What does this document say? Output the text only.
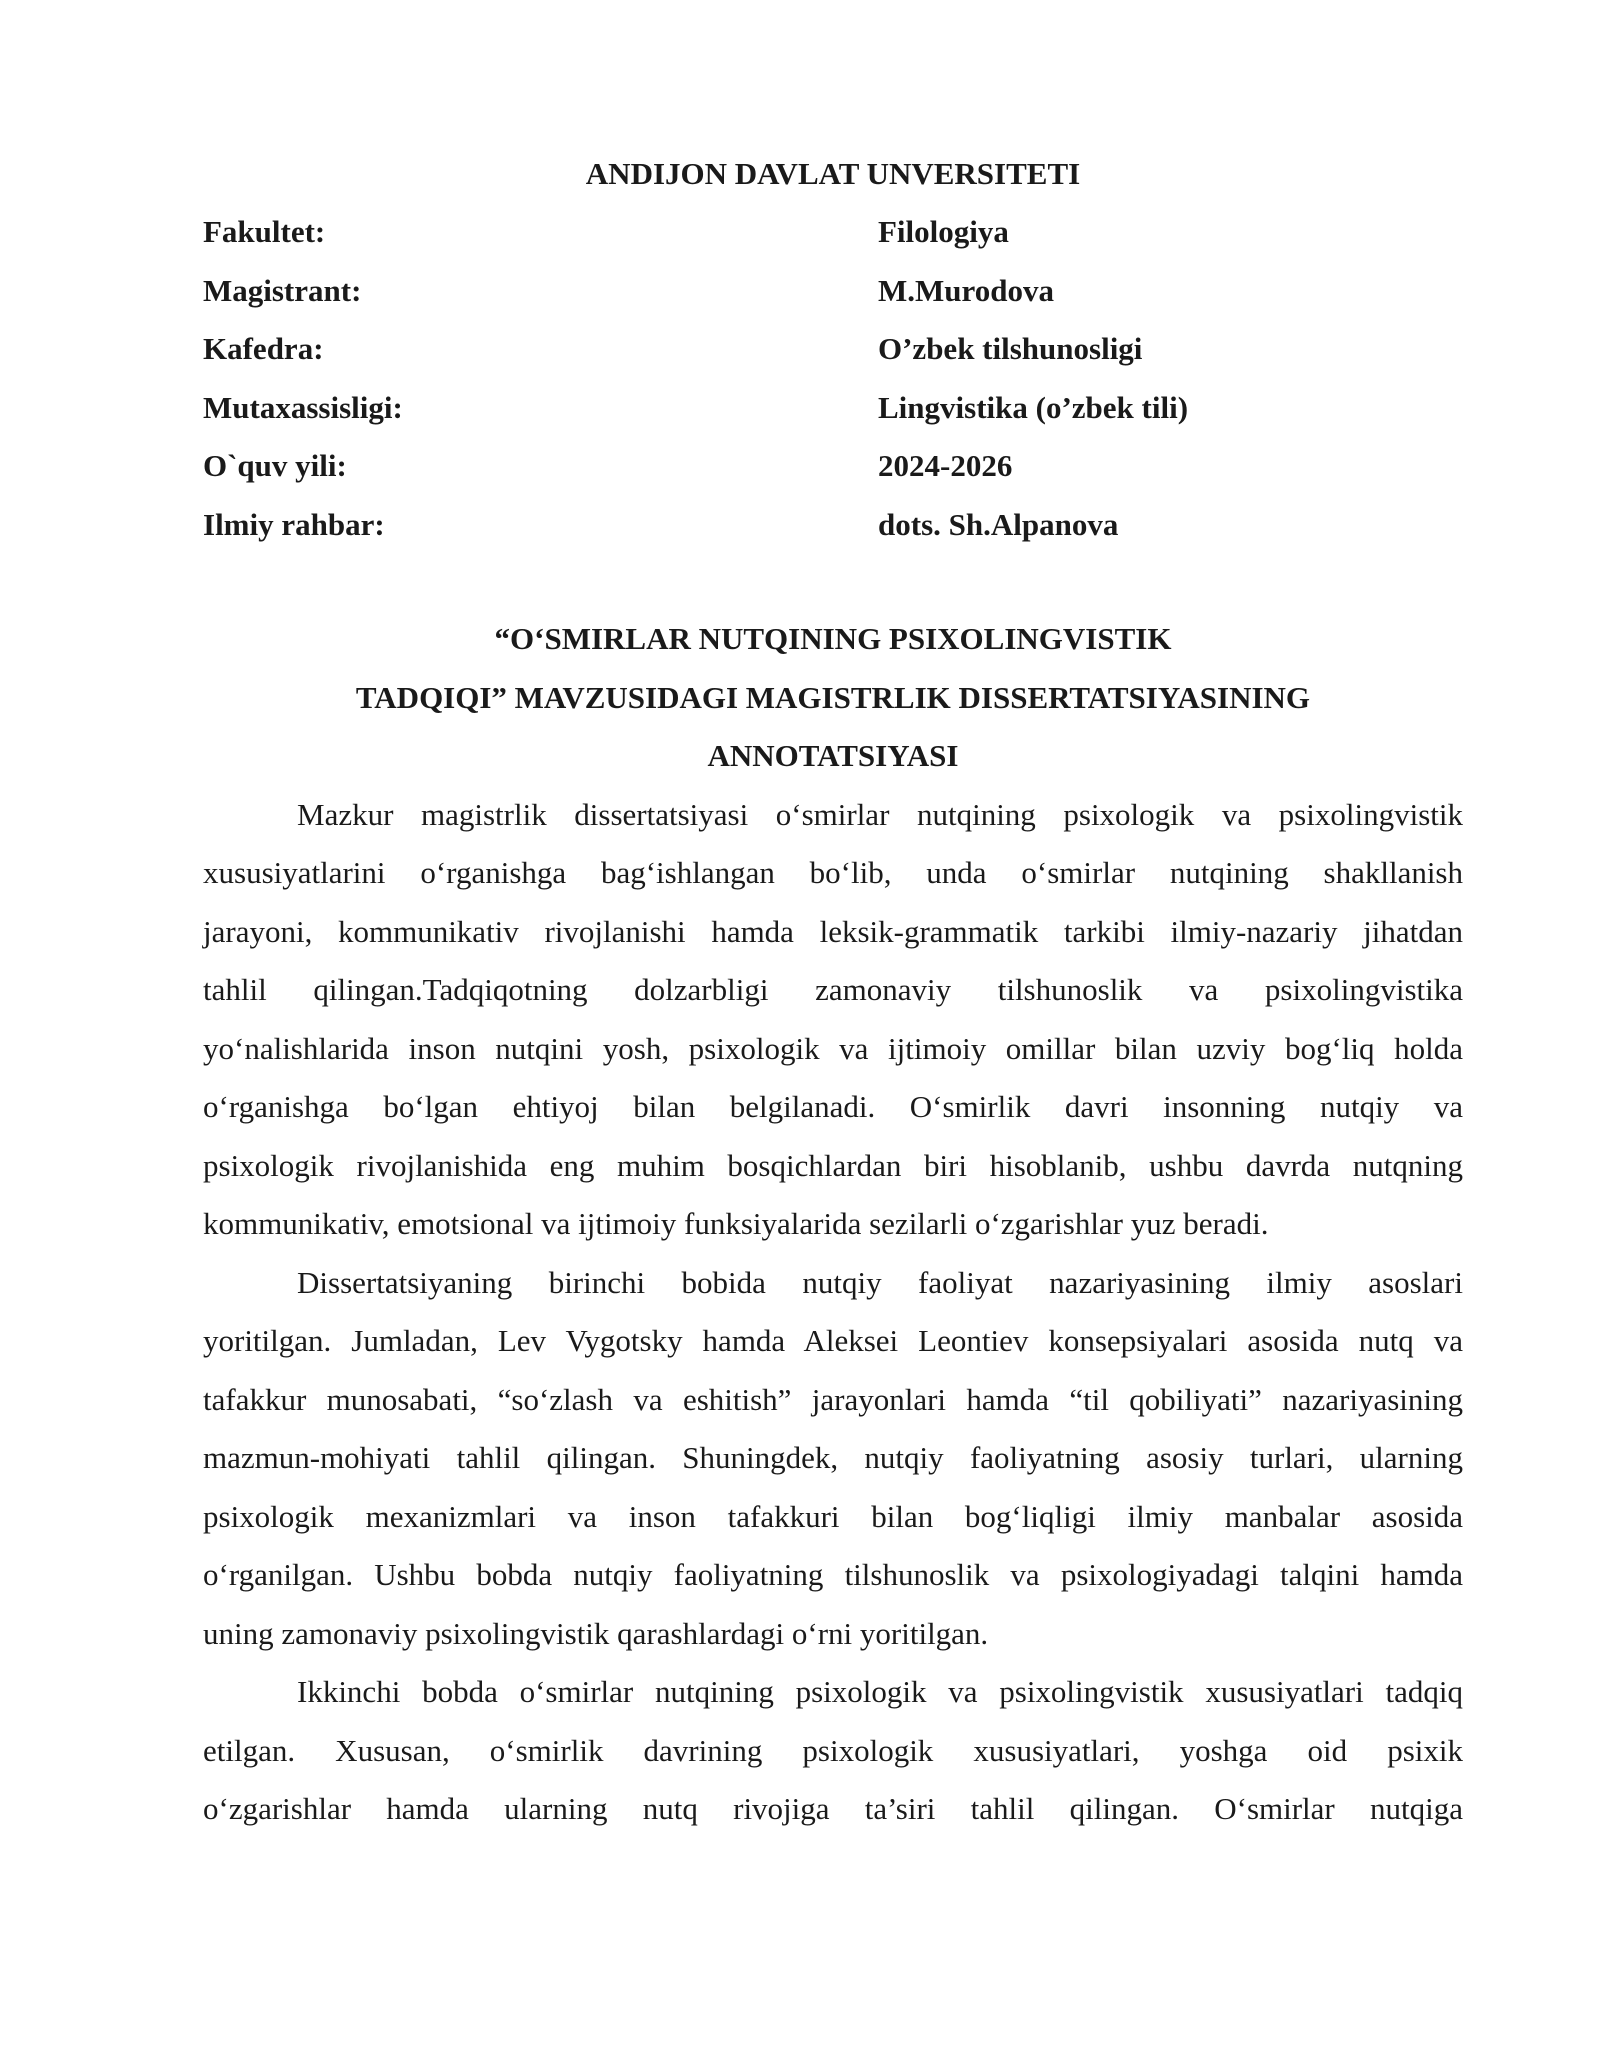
ANDIJON DAVLAT UNVERSITETI
Fakultet:	Filologiya
Magistrant:	M.Murodova
Kafedra:	O’zbek tilshunosligi
Mutaxassisligi:	Lingvistika (o’zbek tili)
O`quv yili:	2024-2026
Ilmiy rahbar:	dots. Sh.Alpanova
“O‘SMIRLAR NUTQINING PSIXOLINGVISTIK
TADQIQI” MAVZUSIDAGI MAGISTRLIK DISSERTATSIYASINING
ANNOTATSIYASI
Mazkur magistrlik dissertatsiyasi o‘smirlar nutqining psixologik va psixolingvistik
xususiyatlarini o‘rganishga bag‘ishlangan bo‘lib, unda o‘smirlar nutqining shakllanish
jarayoni, kommunikativ rivojlanishi hamda leksik-grammatik tarkibi ilmiy-nazariy jihatdan
tahlil qilingan.Tadqiqotning dolzarbligi zamonaviy tilshunoslik va psixolingvistika
yo‘nalishlarida inson nutqini yosh, psixologik va ijtimoiy omillar bilan uzviy bog‘liq holda
o‘rganishga bo‘lgan ehtiyoj bilan belgilanadi. O‘smirlik davri insonning nutqiy va
psixologik rivojlanishida eng muhim bosqichlardan biri hisoblanib, ushbu davrda nutqning
kommunikativ, emotsional va ijtimoiy funksiyalarida sezilarli o‘zgarishlar yuz beradi.
Dissertatsiyaning birinchi bobida nutqiy faoliyat nazariyasining ilmiy asoslari
yoritilgan. Jumladan, Lev Vygotsky hamda Aleksei Leontiev konsepsiyalari asosida nutq va
tafakkur munosabati, “so‘zlash va eshitish” jarayonlari hamda “til qobiliyati” nazariyasining
mazmun-mohiyati tahlil qilingan. Shuningdek, nutqiy faoliyatning asosiy turlari, ularning
psixologik mexanizmlari va inson tafakkuri bilan bog‘liqligi ilmiy manbalar asosida
o‘rganilgan. Ushbu bobda nutqiy faoliyatning tilshunoslik va psixologiyadagi talqini hamda
uning zamonaviy psixolingvistik qarashlardagi o‘rni yoritilgan.
Ikkinchi bobda o‘smirlar nutqining psixologik va psixolingvistik xususiyatlari tadqiq
etilgan. Xususan, o‘smirlik davrining psixologik xususiyatlari, yoshga oid psixik
o‘zgarishlar hamda ularning nutq rivojiga ta’siri tahlil qilingan. O‘smirlar nutqiga
